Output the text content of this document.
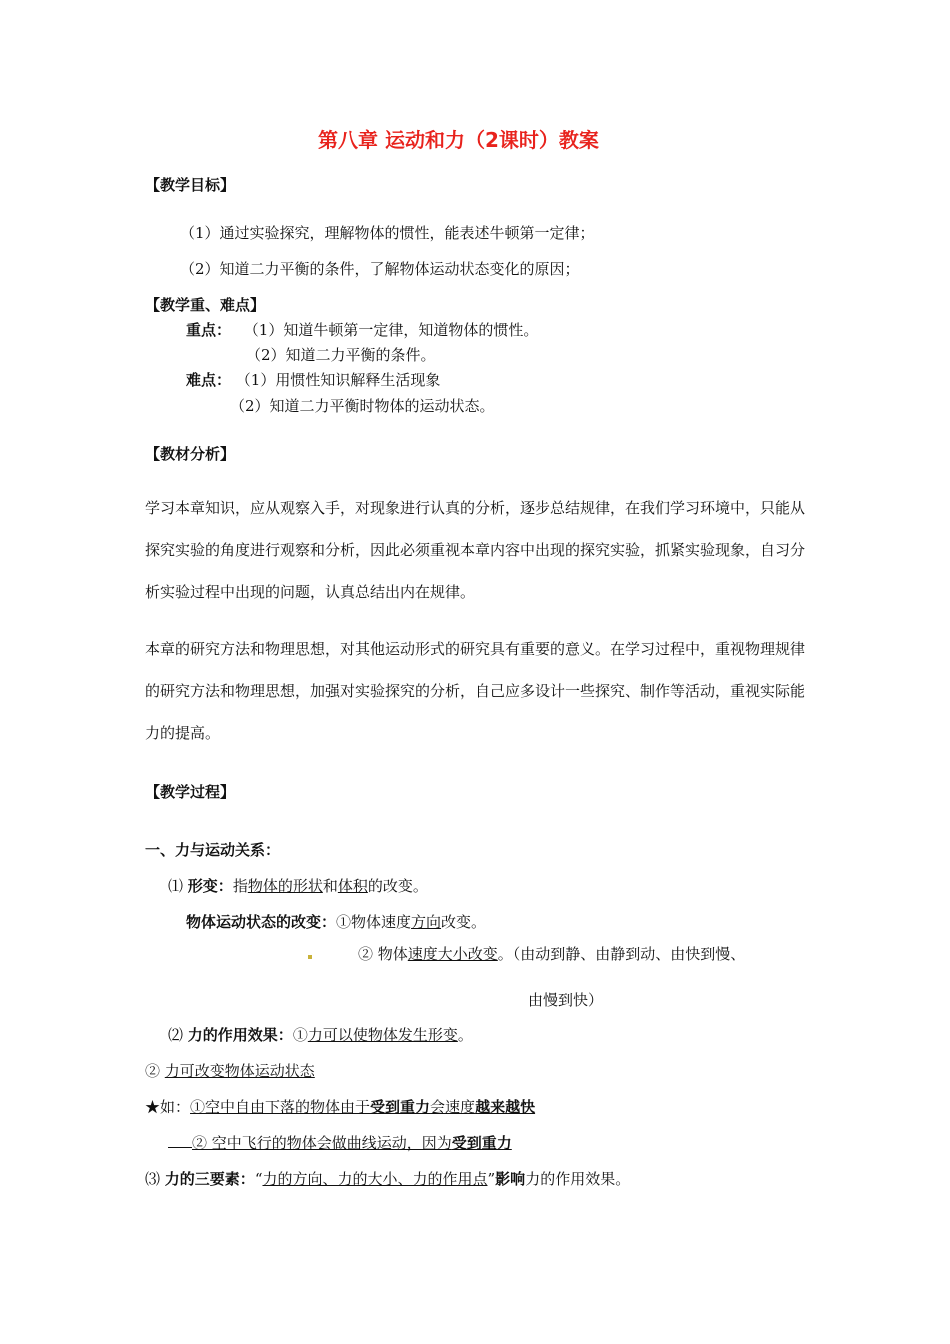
第八章 运动和力（2课时）教案
【教学目标】
（1）通过实验探究，理解物体的惯性，能表述牛顿第一定律；
（2）知道二力平衡的条件，了解物体运动状态变化的原因；
【教学重、难点】
重点： （1）知道牛顿第一定律，知道物体的惯性。
（2）知道二力平衡的条件。
难点： （1）用惯性知识解释生活现象
（2）知道二力平衡时物体的运动状态。
【教材分析】
学习本章知识，应从观察入手，对现象进行认真的分析，逐步总结规律，在我们学习环境中，只能从探究实验的角度进行观察和分析，因此必须重视本章内容中出现的探究实验，抓紧实验现象，自习分析实验过程中出现的问题，认真总结出内在规律。
本章的研究方法和物理思想，对其他运动形式的研究具有重要的意义。在学习过程中，重视物理规律的研究方法和物理思想，加强对实验探究的分析，自己应多设计一些探究、制作等活动，重视实际能力的提高。
【教学过程】
一、力与运动关系：
⑴ 形变：指物体的形状和体积的改变。
物体运动状态的改变：①物体速度方向改变。
② 物体速度大小改变。（由动到静、由静到动、由快到慢、
由慢到快）
⑵ 力的作用效果：①力可以使物体发生形变。
② 力可改变物体运动状态
★如：①空中自由下落的物体由于受到重力会速度越来越快
② 空中飞行的物体会做曲线运动，因为受到重力
⑶ 力的三要素：“力的方向、力的大小、力的作用点”影响力的作用效果。
